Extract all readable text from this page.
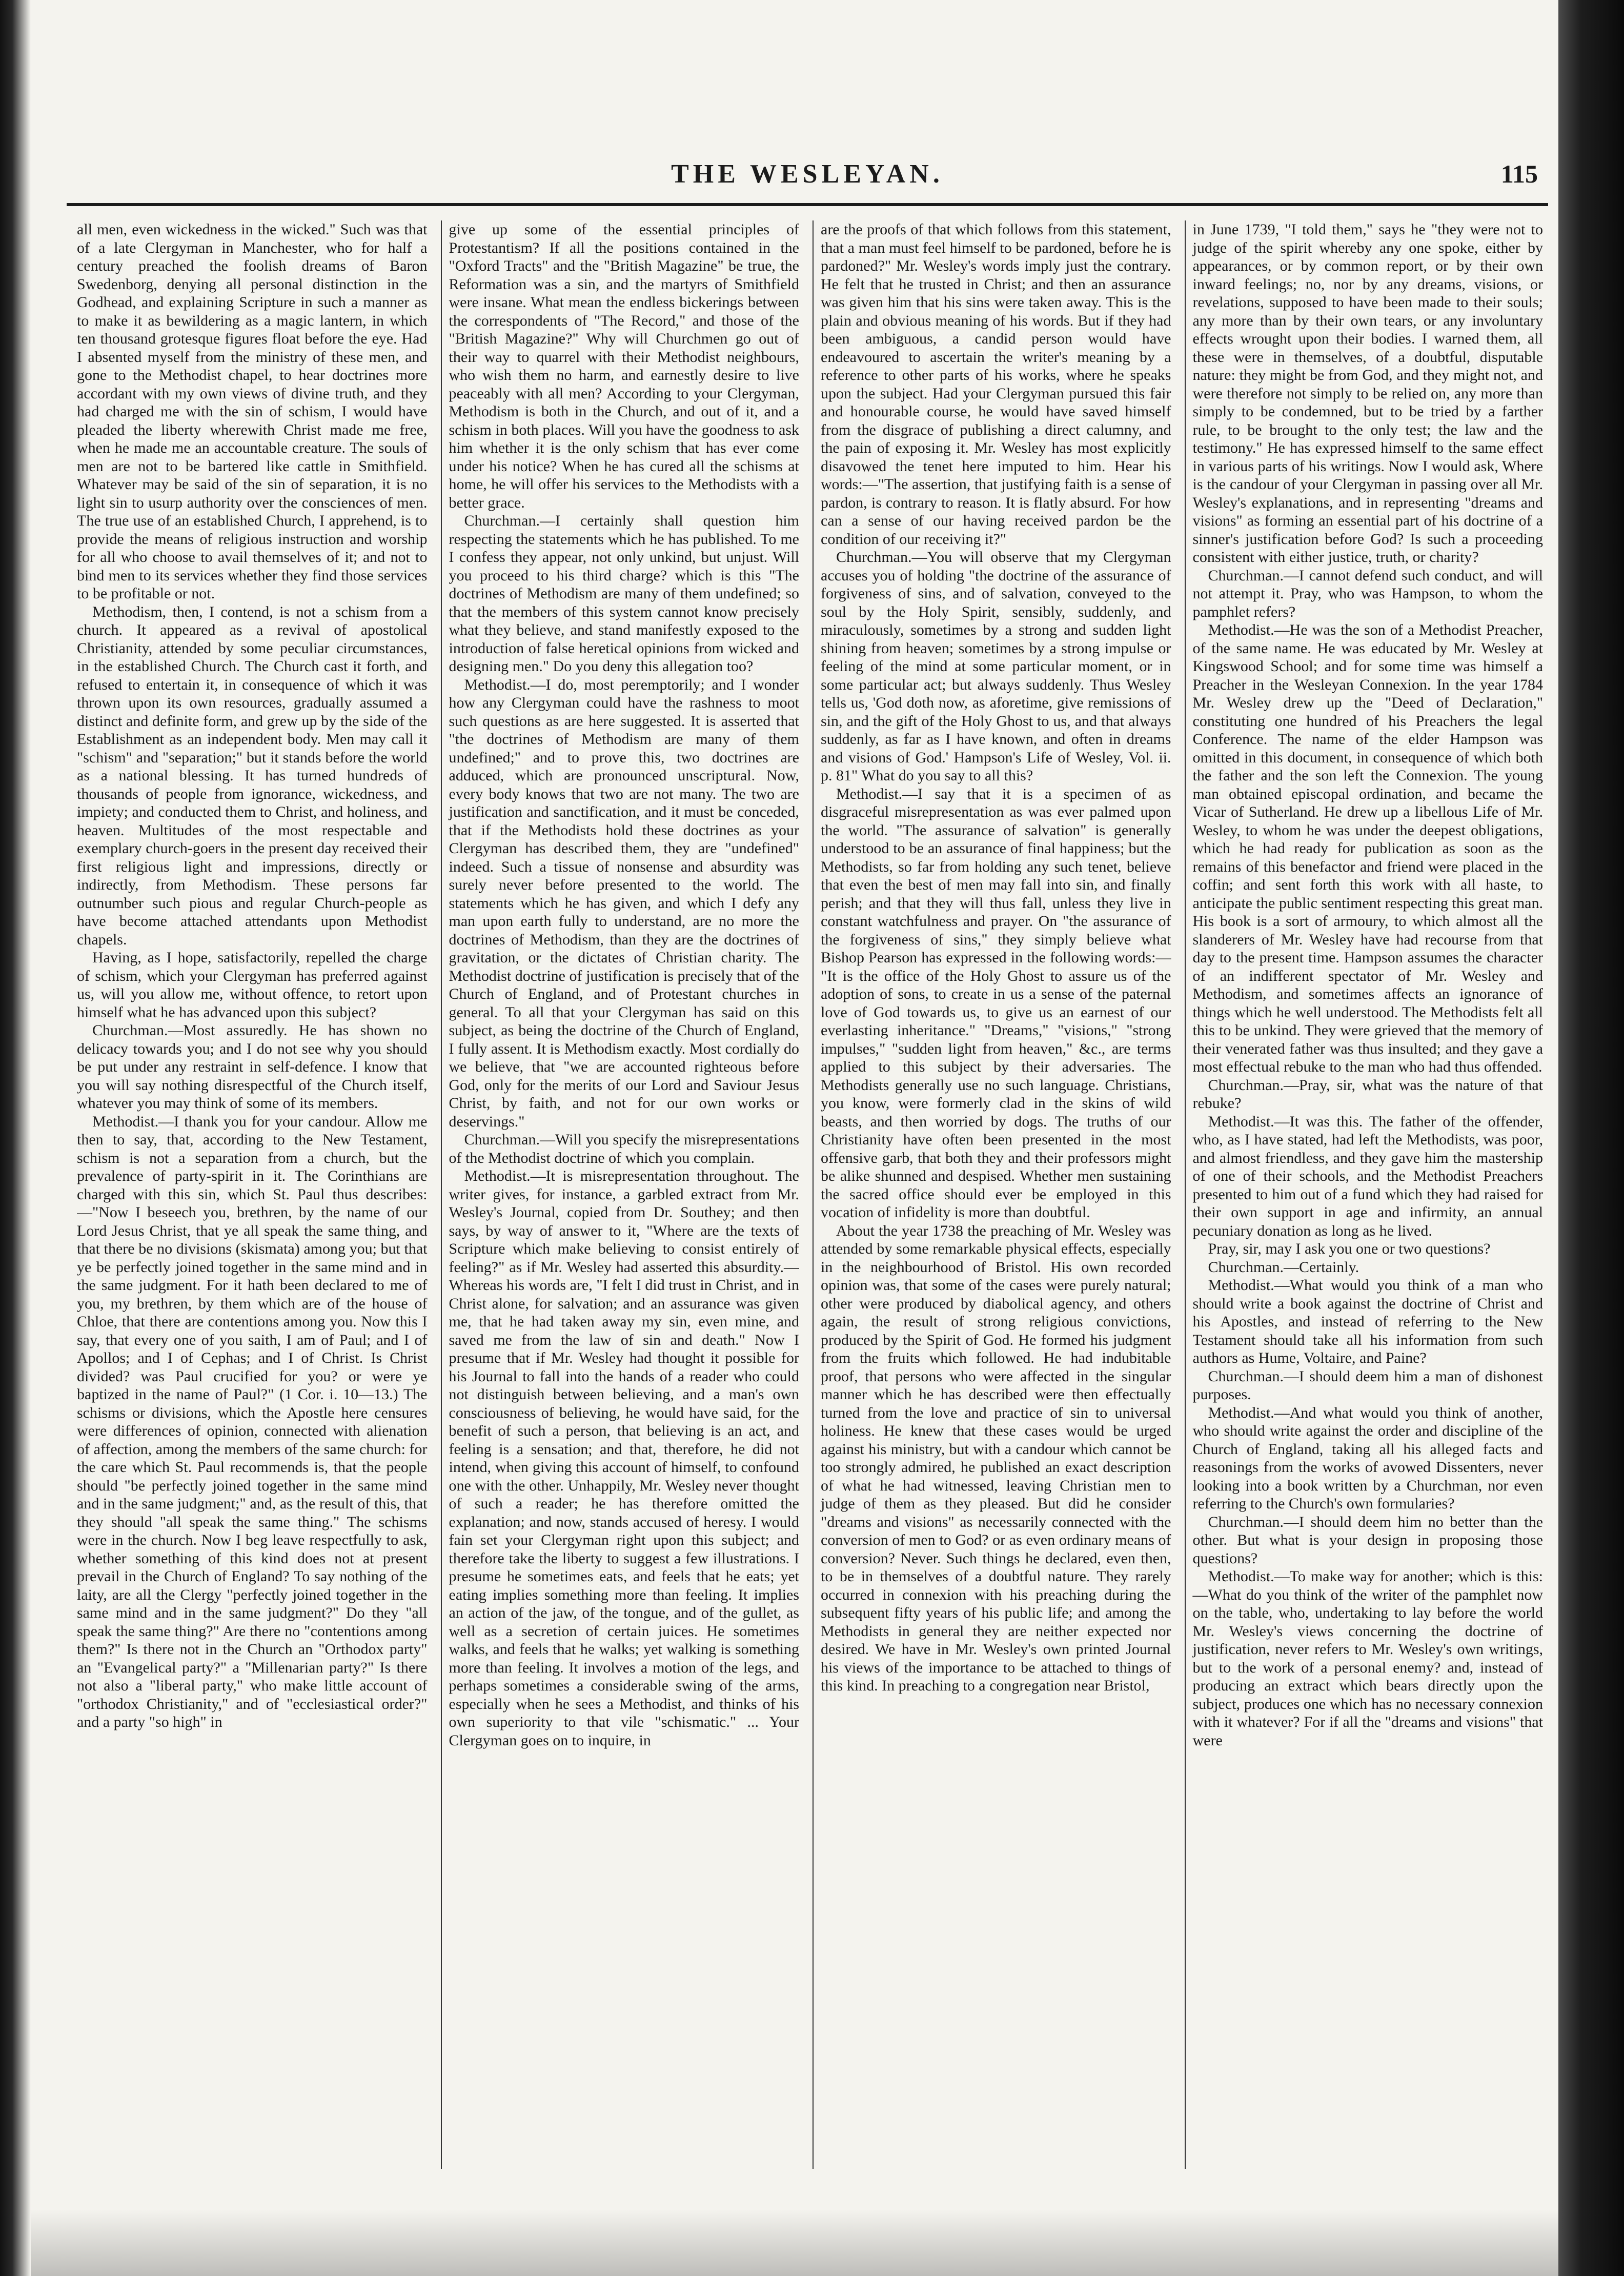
THE WESLEYAN.	115

all men, even wickedness in the wicked." Such was that of a late Clergyman in Manchester, who for half a century preached the foolish dreams of Baron Swedenborg, denying all personal distinction in the Godhead, and explaining Scripture in such a manner as to make it as bewildering as a magic lantern, in which ten thousand grotesque figures float before the eye. Had I absented myself from the ministry of these men, and gone to the Methodist chapel, to hear doctrines more accordant with my own views of divine truth, and they had charged me with the sin of schism, I would have pleaded the liberty wherewith Christ made me free, when he made me an accountable creature. The souls of men are not to be bartered like cattle in Smithfield. Whatever may be said of the sin of separation, it is no light sin to usurp authority over the consciences of men. The true use of an established Church, I apprehend, is to provide the means of religious instruction and worship for all who choose to avail themselves of it; and not to bind men to its services whether they find those services to be profitable or not.

Methodism, then, I contend, is not a schism from a church. It appeared as a revival of apostolical Christianity, attended by some peculiar circumstances, in the established Church. The Church cast it forth, and refused to entertain it, in consequence of which it was thrown upon its own resources, gradually assumed a distinct and definite form, and grew up by the side of the Establishment as an independent body. Men may call it "schism" and "separation;" but it stands before the world as a national blessing. It has turned hundreds of thousands of people from ignorance, wickedness, and impiety; and conducted them to Christ, and holiness, and heaven. Multitudes of the most respectable and exemplary church-goers in the present day received their first religious light and impressions, directly or indirectly, from Methodism. These persons far outnumber such pious and regular Church-people as have become attached attendants upon Methodist chapels.

Having, as I hope, satisfactorily, repelled the charge of schism, which your Clergyman has preferred against us, will you allow me, without offence, to retort upon himself what he has advanced upon this subject?

Churchman.—Most assuredly. He has shown no delicacy towards you; and I do not see why you should be put under any restraint in self-defence. I know that you will say nothing disrespectful of the Church itself, whatever you may think of some of its members.

Methodist.—I thank you for your candour. Allow me then to say, that, according to the New Testament, schism is not a separation from a church, but the prevalence of party-spirit in it. The Corinthians are charged with this sin, which St. Paul thus describes:—"Now I beseech you, brethren, by the name of our Lord Jesus Christ, that ye all speak the same thing, and that there be no divisions (skismata) among you; but that ye be perfectly joined together in the same mind and in the same judgment. For it hath been declared to me of you, my brethren, by them which are of the house of Chloe, that there are contentions among you. Now this I say, that every one of you saith, I am of Paul; and I of Apollos; and I of Cephas; and I of Christ. Is Christ divided? was Paul crucified for you? or were ye baptized in the name of Paul?" (1 Cor. i. 10—13.) The schisms or divisions, which the Apostle here censures were differences of opinion, connected with alienation of affection, among the members of the same church: for the care which St. Paul recommends is, that the people should "be perfectly joined together in the same mind and in the same judgment;" and, as the result of this, that they should "all speak the same thing." The schisms were in the church. Now I beg leave respectfully to ask, whether something of this kind does not at present prevail in the Church of England? To say nothing of the laity, are all the Clergy "perfectly joined together in the same mind and in the same judgment?" Do they "all speak the same thing?" Are there no "contentions among them?" Is there not in the Church an "Orthodox party" an "Evangelical party?" a "Millenarian party?" Is there not also a "liberal party," who make little account of "orthodox Christianity," and of "ecclesiastical order?" and a party "so high" in

give up some of the essential principles of Protestantism? If all the positions contained in the "Oxford Tracts" and the "British Magazine" be true, the Reformation was a sin, and the martyrs of Smithfield were insane. What mean the endless bickerings between the correspondents of "The Record," and those of the "British Magazine?" Why will Churchmen go out of their way to quarrel with their Methodist neighbours, who wish them no harm, and earnestly desire to live peaceably with all men? According to your Clergyman, Methodism is both in the Church, and out of it, and a schism in both places. Will you have the goodness to ask him whether it is the only schism that has ever come under his notice? When he has cured all the schisms at home, he will offer his services to the Methodists with a better grace.

Churchman.—I certainly shall question him respecting the statements which he has published. To me I confess they appear, not only unkind, but unjust. Will you proceed to his third charge? which is this "The doctrines of Methodism are many of them undefined; so that the members of this system cannot know precisely what they believe, and stand manifestly exposed to the introduction of false heretical opinions from wicked and designing men." Do you deny this allegation too?

Methodist.—I do, most peremptorily; and I wonder how any Clergyman could have the rashness to moot such questions as are here suggested. It is asserted that "the doctrines of Methodism are many of them undefined;" and to prove this, two doctrines are adduced, which are pronounced unscriptural. Now, every body knows that two are not many. The two are justification and sanctification, and it must be conceded, that if the Methodists hold these doctrines as your Clergyman has described them, they are "undefined" indeed. Such a tissue of nonsense and absurdity was surely never before presented to the world. The statements which he has given, and which I defy any man upon earth fully to understand, are no more the doctrines of Methodism, than they are the doctrines of gravitation, or the dictates of Christian charity. The Methodist doctrine of justification is precisely that of the Church of England, and of Protestant churches in general. To all that your Clergyman has said on this subject, as being the doctrine of the Church of England, I fully assent. It is Methodism exactly. Most cordially do we believe, that "we are accounted righteous before God, only for the merits of our Lord and Saviour Jesus Christ, by faith, and not for our own works or deservings."

Churchman.—Will you specify the misrepresentations of the Methodist doctrine of which you complain.

Methodist.—It is misrepresentation throughout. The writer gives, for instance, a garbled extract from Mr. Wesley's Journal, copied from Dr. Southey; and then says, by way of answer to it, "Where are the texts of Scripture which make believing to consist entirely of feeling?" as if Mr. Wesley had asserted this absurdity.— Whereas his words are, "I felt I did trust in Christ, and in Christ alone, for salvation; and an assurance was given me, that he had taken away my sin, even mine, and saved me from the law of sin and death." Now I presume that if Mr. Wesley had thought it possible for his Journal to fall into the hands of a reader who could not distinguish between believing, and a man's own consciousness of believing, he would have said, for the benefit of such a person, that believing is an act, and feeling is a sensation; and that, therefore, he did not intend, when giving this account of himself, to confound one with the other. Unhappily, Mr. Wesley never thought of such a reader; he has therefore omitted the explanation; and now, stands accused of heresy. I would fain set your Clergyman right upon this subject; and therefore take the liberty to suggest a few illustrations. I presume he sometimes eats, and feels that he eats; yet eating implies something more than feeling. It implies an action of the jaw, of the tongue, and of the gullet, as well as a secretion of certain juices. He sometimes walks, and feels that he walks; yet walking is something more than feeling. It involves a motion of the legs, and perhaps sometimes a considerable swing of the arms, especially when he sees a Methodist, and thinks of his own superiority to that vile "schismatic." ... Your Clergyman goes on to inquire, in

are the proofs of that which follows from this statement, that a man must feel himself to be pardoned, before he is pardoned?" Mr. Wesley's words imply just the contrary. He felt that he trusted in Christ; and then an assurance was given him that his sins were taken away. This is the plain and obvious meaning of his words. But if they had been ambiguous, a candid person would have endeavoured to ascertain the writer's meaning by a reference to other parts of his works, where he speaks upon the subject. Had your Clergyman pursued this fair and honourable course, he would have saved himself from the disgrace of publishing a direct calumny, and the pain of exposing it. Mr. Wesley has most explicitly disavowed the tenet here imputed to him. Hear his words:—"The assertion, that justifying faith is a sense of pardon, is contrary to reason. It is flatly absurd. For how can a sense of our having received pardon be the condition of our receiving it?"

Churchman.—You will observe that my Clergyman accuses you of holding "the doctrine of the assurance of forgiveness of sins, and of salvation, conveyed to the soul by the Holy Spirit, sensibly, suddenly, and miraculously, sometimes by a strong and sudden light shining from heaven; sometimes by a strong impulse or feeling of the mind at some particular moment, or in some particular act; but always suddenly. Thus Wesley tells us, 'God doth now, as aforetime, give remissions of sin, and the gift of the Holy Ghost to us, and that always suddenly, as far as I have known, and often in dreams and visions of God.' Hampson's Life of Wesley, Vol. ii. p. 81" What do you say to all this?

Methodist.—I say that it is a specimen of as disgraceful misrepresentation as was ever palmed upon the world. "The assurance of salvation" is generally understood to be an assurance of final happiness; but the Methodists, so far from holding any such tenet, believe that even the best of men may fall into sin, and finally perish; and that they will thus fall, unless they live in constant watchfulness and prayer. On "the assurance of the forgiveness of sins," they simply believe what Bishop Pearson has expressed in the following words:— "It is the office of the Holy Ghost to assure us of the adoption of sons, to create in us a sense of the paternal love of God towards us, to give us an earnest of our everlasting inheritance." "Dreams," "visions," "strong impulses," "sudden light from heaven," &c., are terms applied to this subject by their adversaries. The Methodists generally use no such language. Christians, you know, were formerly clad in the skins of wild beasts, and then worried by dogs. The truths of our Christianity have often been presented in the most offensive garb, that both they and their professors might be alike shunned and despised. Whether men sustaining the sacred office should ever be employed in this vocation of infidelity is more than doubtful.

About the year 1738 the preaching of Mr. Wesley was attended by some remarkable physical effects, especially in the neighbourhood of Bristol. His own recorded opinion was, that some of the cases were purely natural; other were produced by diabolical agency, and others again, the result of strong religious convictions, produced by the Spirit of God. He formed his judgment from the fruits which followed. He had indubitable proof, that persons who were affected in the singular manner which he has described were then effectually turned from the love and practice of sin to universal holiness. He knew that these cases would be urged against his ministry, but with a candour which cannot be too strongly admired, he published an exact description of what he had witnessed, leaving Christian men to judge of them as they pleased. But did he consider "dreams and visions" as necessarily connected with the conversion of men to God? or as even ordinary means of conversion? Never. Such things he declared, even then, to be in themselves of a doubtful nature. They rarely occurred in connexion with his preaching during the subsequent fifty years of his public life; and among the Methodists in general they are neither expected nor desired. We have in Mr. Wesley's own printed Journal his views of the importance to be attached to things of this kind. In preaching to a congregation near Bristol,

in June 1739, "I told them," says he "they were not to judge of the spirit whereby any one spoke, either by appearances, or by common report, or by their own inward feelings; no, nor by any dreams, visions, or revelations, supposed to have been made to their souls; any more than by their own tears, or any involuntary effects wrought upon their bodies. I warned them, all these were in themselves, of a doubtful, disputable nature: they might be from God, and they might not, and were therefore not simply to be relied on, any more than simply to be condemned, but to be tried by a farther rule, to be brought to the only test; the law and the testimony." He has expressed himself to the same effect in various parts of his writings. Now I would ask, Where is the candour of your Clergyman in passing over all Mr. Wesley's explanations, and in representing "dreams and visions" as forming an essential part of his doctrine of a sinner's justification before God? Is such a proceeding consistent with either justice, truth, or charity?

Churchman.—I cannot defend such conduct, and will not attempt it. Pray, who was Hampson, to whom the pamphlet refers?

Methodist.—He was the son of a Methodist Preacher, of the same name. He was educated by Mr. Wesley at Kingswood School; and for some time was himself a Preacher in the Wesleyan Connexion. In the year 1784 Mr. Wesley drew up the "Deed of Declaration," constituting one hundred of his Preachers the legal Conference. The name of the elder Hampson was omitted in this document, in consequence of which both the father and the son left the Connexion. The young man obtained episcopal ordination, and became the Vicar of Sutherland. He drew up a libellous Life of Mr. Wesley, to whom he was under the deepest obligations, which he had ready for publication as soon as the remains of this benefactor and friend were placed in the coffin; and sent forth this work with all haste, to anticipate the public sentiment respecting this great man. His book is a sort of armoury, to which almost all the slanderers of Mr. Wesley have had recourse from that day to the present time. Hampson assumes the character of an indifferent spectator of Mr. Wesley and Methodism, and sometimes affects an ignorance of things which he well understood. The Methodists felt all this to be unkind. They were grieved that the memory of their venerated father was thus insulted; and they gave a most effectual rebuke to the man who had thus offended.

Churchman.—Pray, sir, what was the nature of that rebuke?

Methodist.—It was this. The father of the offender, who, as I have stated, had left the Methodists, was poor, and almost friendless, and they gave him the mastership of one of their schools, and the Methodist Preachers presented to him out of a fund which they had raised for their own support in age and infirmity, an annual pecuniary donation as long as he lived.

Pray, sir, may I ask you one or two questions?

Churchman.—Certainly.

Methodist.—What would you think of a man who should write a book against the doctrine of Christ and his Apostles, and instead of referring to the New Testament should take all his information from such authors as Hume, Voltaire, and Paine?

Churchman.—I should deem him a man of dishonest purposes.

Methodist.—And what would you think of another, who should write against the order and discipline of the Church of England, taking all his alleged facts and reasonings from the works of avowed Dissenters, never looking into a book written by a Churchman, nor even referring to the Church's own formularies?

Churchman.—I should deem him no better than the other. But what is your design in proposing those questions?

Methodist.—To make way for another; which is this:—What do you think of the writer of the pamphlet now on the table, who, undertaking to lay before the world Mr. Wesley's views concerning the doctrine of justification, never refers to Mr. Wesley's own writings, but to the work of a personal enemy? and, instead of producing an extract which bears directly upon the subject, produces one which has no necessary connexion with it whatever? For if all the "dreams and visions" that were
